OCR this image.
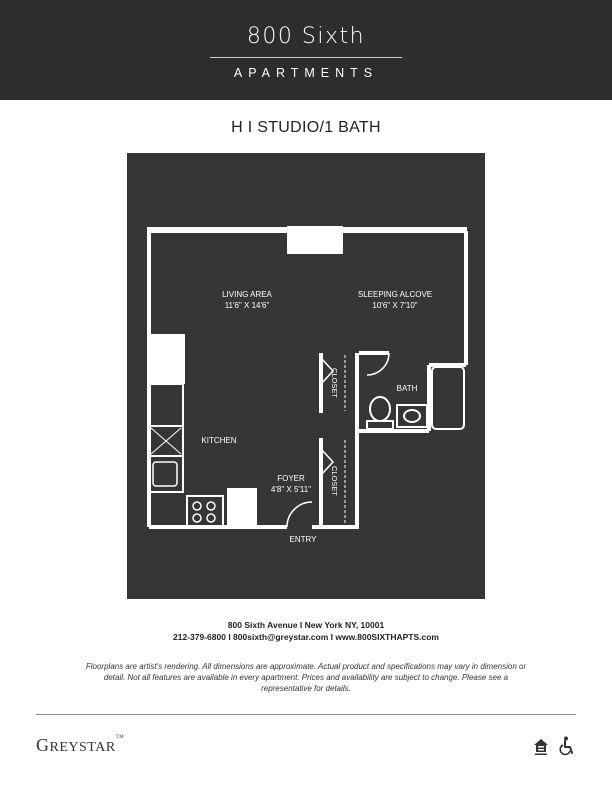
800 Sixth
APARTMENTS
H I STUDIO/1 BATH
LIVING AREA
11'6" X 14'6"
SLEEPING ALCOVE
10'6" X 7'10"
CLOSET
CLOSET
BATH
KITCHEN
FOYER
4'8" X 5'11"
ENTRY
800 Sixth Avenue I New York NY, 10001
212-379-6800 I 800sixth@greystar.com I www.800SIXTHAPTS.com
Floorplans are artist's rendering. All dimensions are approximate. Actual product and specifications may vary in dimension or detail. Not all features are available in every apartment. Prices and availability are subject to change. Please see a representative for details.
GREYSTAR™
